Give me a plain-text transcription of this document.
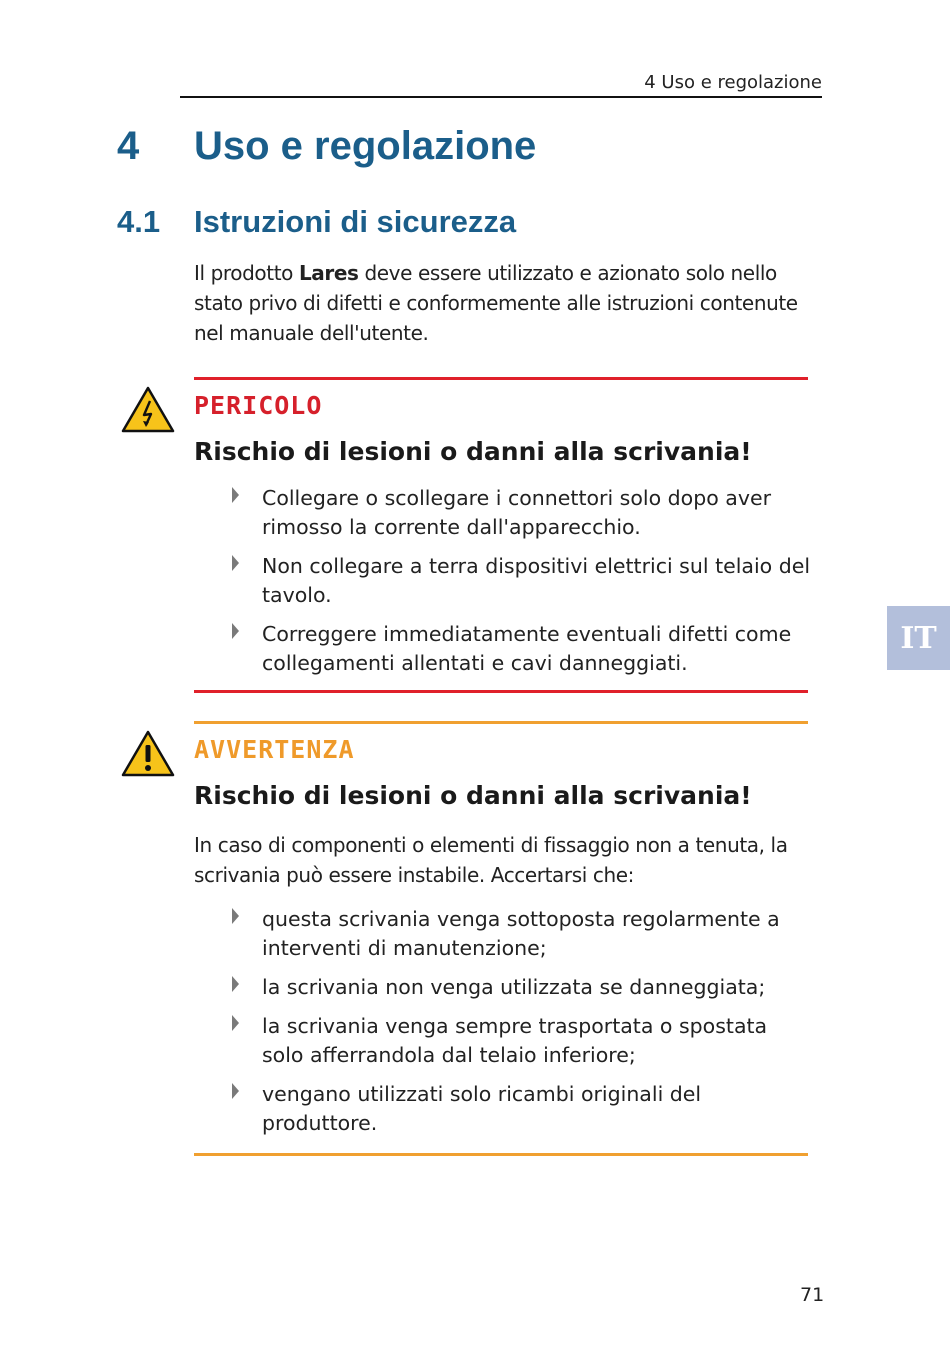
4 Uso e regolazione
4 Uso e regolazione
4.1 Istruzioni di sicurezza
Il prodotto Lares deve essere utilizzato e azionato solo nello stato privo di difetti e conformemente alle istruzioni contenute nel manuale dell'utente.
PERICOLO
Rischio di lesioni o danni alla scrivania!
Collegare o scollegare i connettori solo dopo aver rimosso la corrente dall'apparecchio.
Non collegare a terra dispositivi elettrici sul telaio del tavolo.
Correggere immediatamente eventuali difetti come collegamenti allentati e cavi danneggiati.
AVVERTENZA
Rischio di lesioni o danni alla scrivania!
In caso di componenti o elementi di fissaggio non a tenuta, la scrivania può essere instabile. Accertarsi che:
questa scrivania venga sottoposta regolarmente a interventi di manutenzione;
la scrivania non venga utilizzata se danneggiata;
la scrivania venga sempre trasportata o spostata solo afferrandola dal telaio inferiore;
vengano utilizzati solo ricambi originali del produttore.
IT
71
